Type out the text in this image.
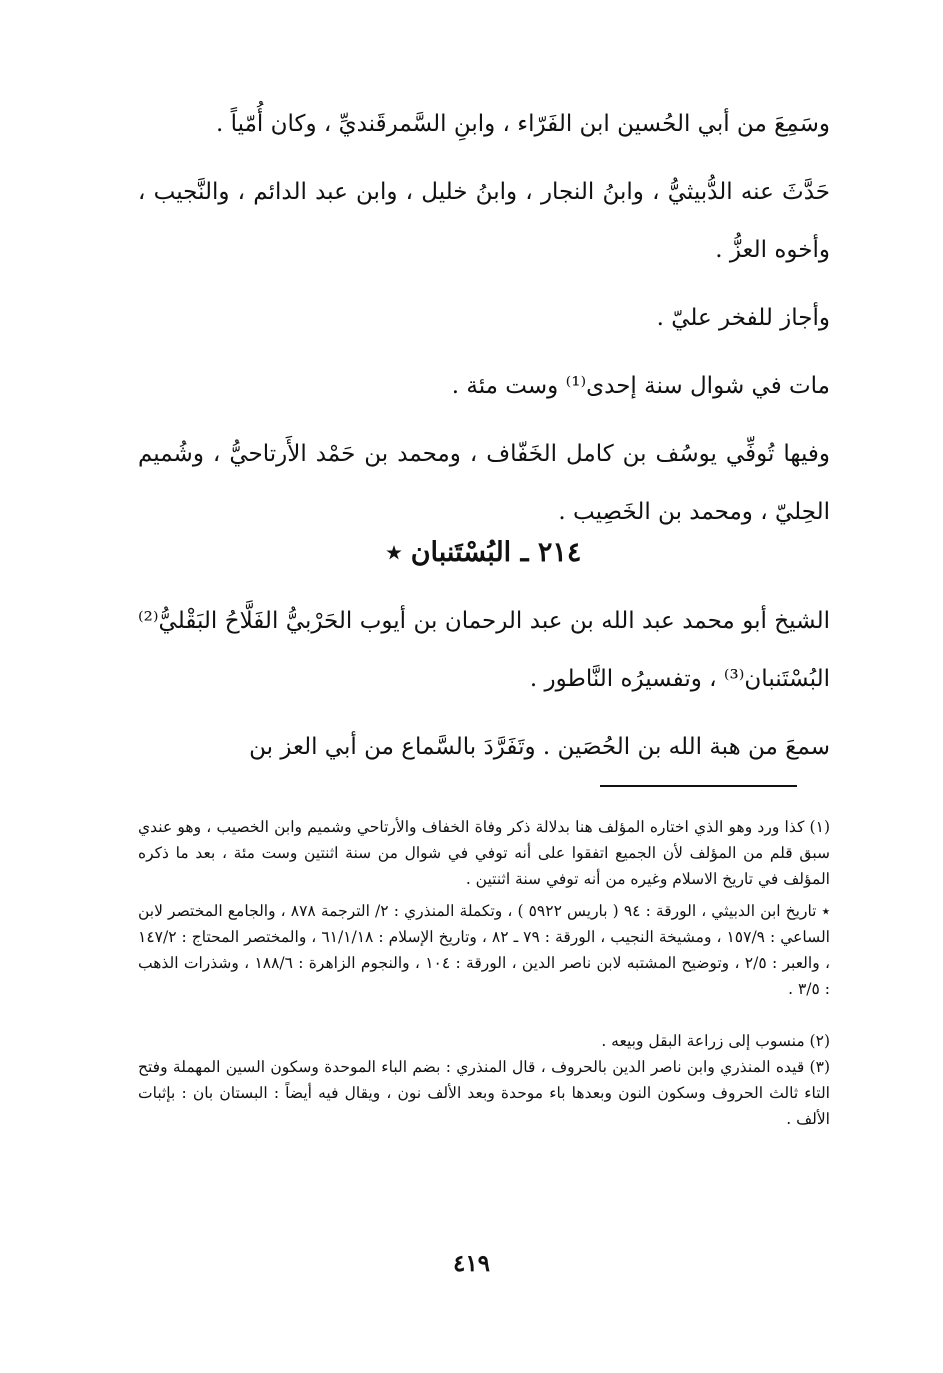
وسَمِعَ من أبي الحُسين ابن الفَرّاء ، وابنِ السَّمرقَنديِّ ، وكان أُمّياً .

حَدَّثَ عنه الدُّبيثيُّ ، وابنُ النجار ، وابنُ خليل ، وابن عبد الدائم ، والنَّجيب ، وأخوه العزُّ .

وأجاز للفخر عليّ .

مات في شوال سنة إحدى⁽¹⁾ وست مئة .

وفيها تُوفِّي يوسُف بن كامل الخَفّاف ، ومحمد بن حَمْد الأَرتاحيُّ ، وشُميم الحِليّ ، ومحمد بن الخَصِيب .

٢١٤ ـ البُسْتَنبان ٭

الشيخ أبو محمد عبد الله بن عبد الرحمان بن أيوب الحَرْبيُّ الفَلَّاحُ البَقْليُّ⁽²⁾ البُسْتَنبان⁽³⁾ ، وتفسيرُه النَّاطور .

سمعَ من هبة الله بن الحُصَين . وتَفَرَّدَ بالسَّماع من أبي العز بن

(١) كذا ورد وهو الذي اختاره المؤلف هنا بدلالة ذكر وفاة الخفاف والأرتاحي وشميم وابن الخصيب ، وهو عندي سبق قلم من المؤلف لأن الجميع اتفقوا على أنه توفي في شوال من سنة اثنتين وست مئة ، بعد ما ذكره المؤلف في تاريخ الاسلام وغيره من أنه توفي سنة اثنتين .

٭ تاريخ ابن الدبيثي ، الورقة : ٩٤ ( باريس ٥٩٢٢ ) ، وتكملة المنذري : ٢/ الترجمة ٨٧٨ ، والجامع المختصر لابن الساعي : ١٥٧/٩ ، ومشيخة النجيب ، الورقة : ٧٩ ـ ٨٢ ، وتاريخ الإسلام : ٦١/١/١٨ ، والمختصر المحتاج : ١٤٧/٢ ، والعبر : ٢/٥ ، وتوضيح المشتبه لابن ناصر الدين ، الورقة : ١٠٤ ، والنجوم الزاهرة : ١٨٨/٦ ، وشذرات الذهب : ٣/٥ .

(٢) منسوب إلى زراعة البقل وبيعه .

(٣) قيده المنذري وابن ناصر الدين بالحروف ، قال المنذري : بضم الباء الموحدة وسكون السين المهملة وفتح التاء ثالث الحروف وسكون النون وبعدها باء موحدة وبعد الألف نون ، ويقال فيه أيضاً : البستان بان : بإثبات الألف .

٤١٩
